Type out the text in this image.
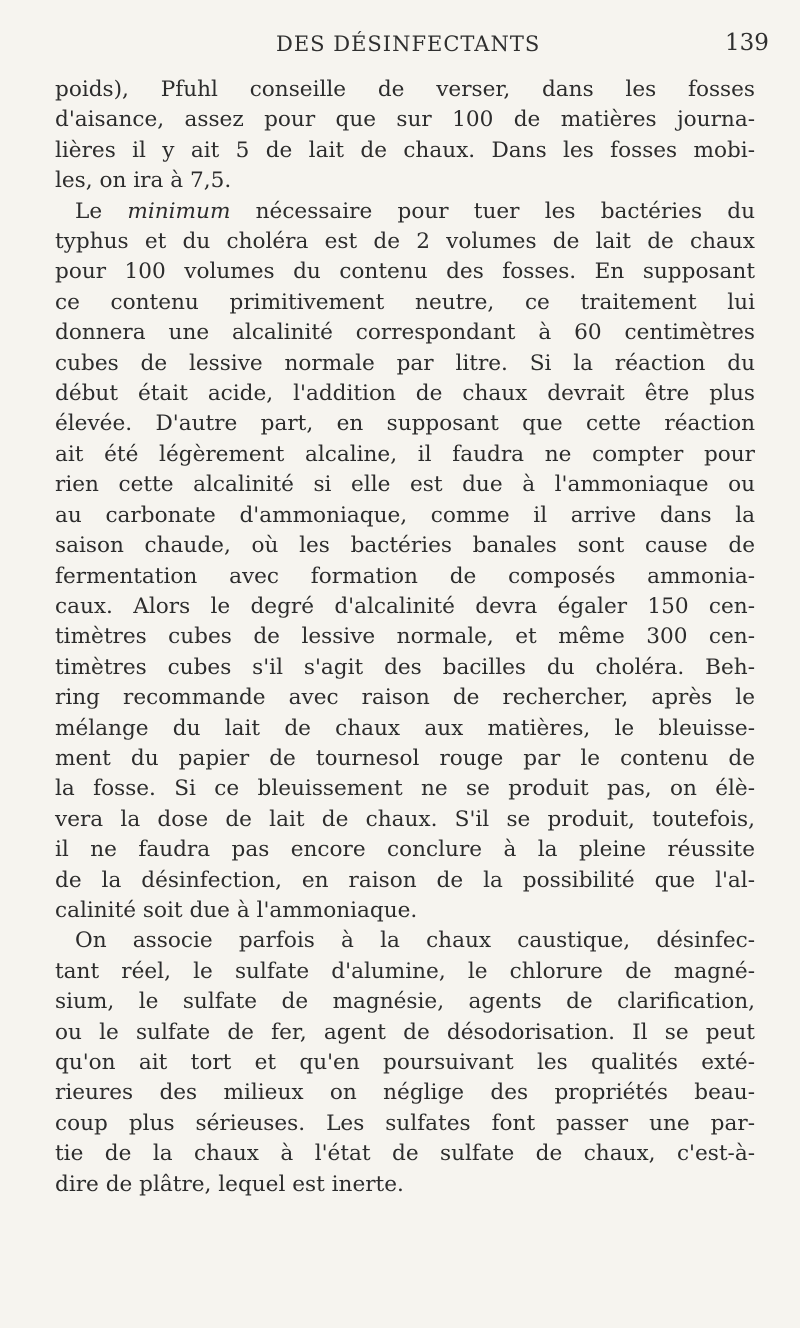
DES DÉSINFECTANTS	139
poids), Pfuhl conseille de verser, dans les fosses
d'aisance, assez pour que sur 100 de matières journa-
lières il y ait 5 de lait de chaux. Dans les fosses mobi-
les, on ira à 7,5.
Le minimum nécessaire pour tuer les bactéries du
typhus et du choléra est de 2 volumes de lait de chaux
pour 100 volumes du contenu des fosses. En supposant
ce contenu primitivement neutre, ce traitement lui
donnera une alcalinité correspondant à 60 centimètres
cubes de lessive normale par litre. Si la réaction du
début était acide, l'addition de chaux devrait être plus
élevée. D'autre part, en supposant que cette réaction
ait été légèrement alcaline, il faudra ne compter pour
rien cette alcalinité si elle est due à l'ammoniaque ou
au carbonate d'ammoniaque, comme il arrive dans la
saison chaude, où les bactéries banales sont cause de
fermentation avec formation de composés ammonia-
caux. Alors le degré d'alcalinité devra égaler 150 cen-
timètres cubes de lessive normale, et même 300 cen-
timètres cubes s'il s'agit des bacilles du choléra. Beh-
ring recommande avec raison de rechercher, après le
mélange du lait de chaux aux matières, le bleuisse-
ment du papier de tournesol rouge par le contenu de
la fosse. Si ce bleuissement ne se produit pas, on élè-
vera la dose de lait de chaux. S'il se produit, toutefois,
il ne faudra pas encore conclure à la pleine réussite
de la désinfection, en raison de la possibilité que l'al-
calinité soit due à l'ammoniaque.
On associe parfois à la chaux caustique, désinfec-
tant réel, le sulfate d'alumine, le chlorure de magné-
sium, le sulfate de magnésie, agents de clarification,
ou le sulfate de fer, agent de désodorisation. Il se peut
qu'on ait tort et qu'en poursuivant les qualités exté-
rieures des milieux on néglige des propriétés beau-
coup plus sérieuses. Les sulfates font passer une par-
tie de la chaux à l'état de sulfate de chaux, c'est-à-
dire de plâtre, lequel est inerte.
